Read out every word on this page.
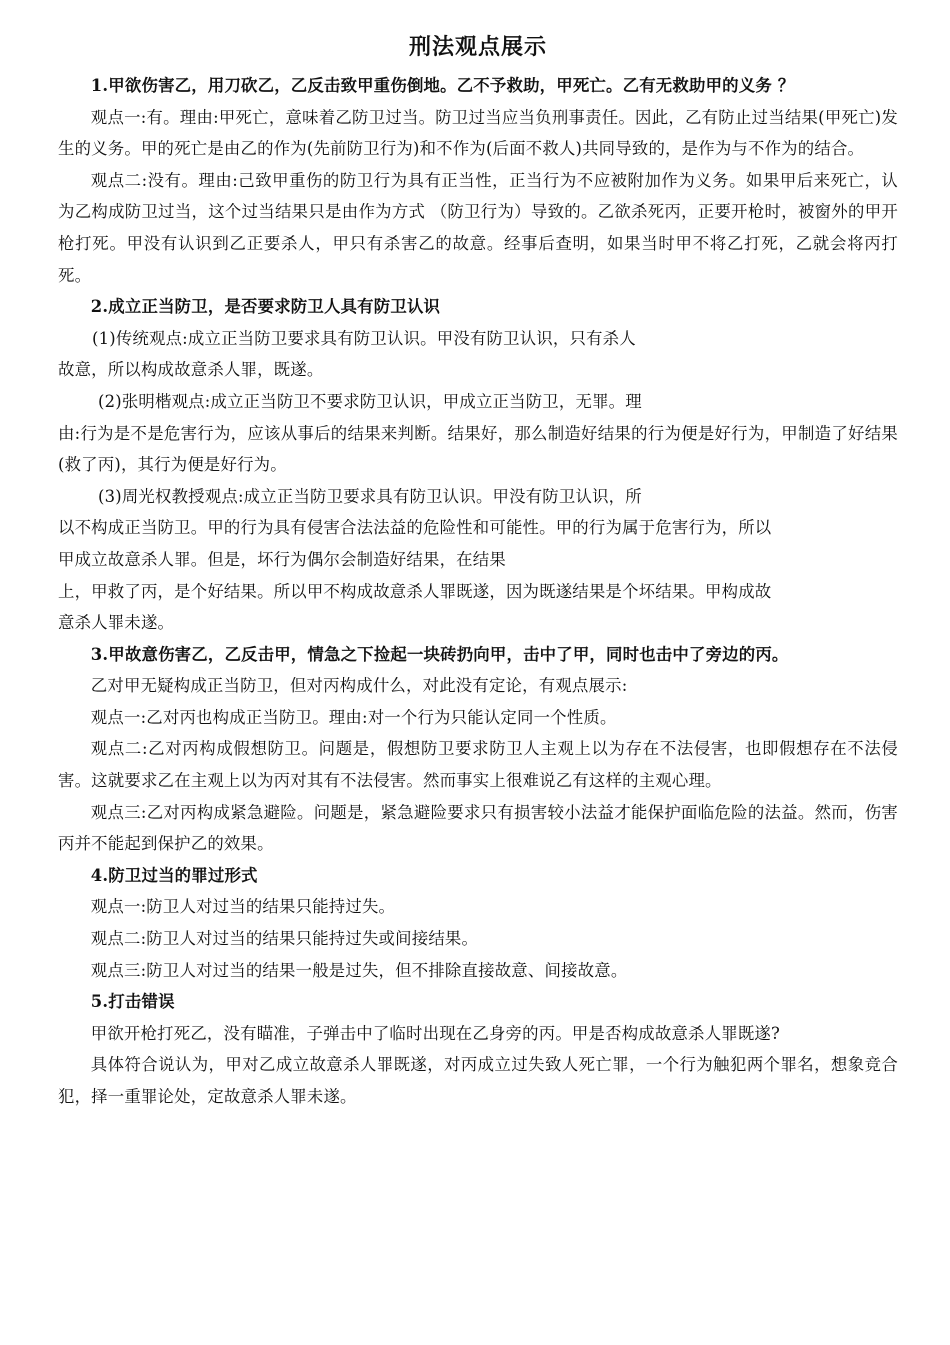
刑法观点展示

1.甲欲伤害乙，用刀砍乙，乙反击致甲重伤倒地。乙不予救助，甲死亡。乙有无救助甲的义务 ？

观点一:有。理由:甲死亡，意味着乙防卫过当。防卫过当应当负刑事责任。因此，乙有防止过当结果(甲死亡)发生的义务。甲的死亡是由乙的作为(先前防卫行为)和不作为(后面不救人)共同导致的，是作为与不作为的结合。

观点二:没有。理由:己致甲重伤的防卫行为具有正当性，正当行为不应被附加作为义务。如果甲后来死亡，认为乙构成防卫过当，这个过当结果只是由作为方式 （防卫行为）导致的。乙欲杀死丙，正要开枪时，被窗外的甲开枪打死。甲没有认识到乙正要杀人，甲只有杀害乙的故意。经事后查明，如果当时甲不将乙打死，乙就会将丙打死。

2.成立正当防卫，是否要求防卫人具有防卫认识

(1)传统观点:成立正当防卫要求具有防卫认识。甲没有防卫认识，只有杀人
故意，所以构成故意杀人罪，既遂。
(2)张明楷观点:成立正当防卫不要求防卫认识，甲成立正当防卫，无罪。理

由:行为是不是危害行为，应该从事后的结果来判断。结果好，那么制造好结果的行为便是好行为，甲制造了好结果(救了丙)，其行为便是好行为。

(3)周光权教授观点:成立正当防卫要求具有防卫认识。甲没有防卫认识，所
以不构成正当防卫。甲的行为具有侵害合法法益的危险性和可能性。甲的行为属于危害行为，所以
甲成立故意杀人罪。但是，坏行为偶尔会制造好结果，在结果
上，甲救了丙，是个好结果。所以甲不构成故意杀人罪既遂，因为既遂结果是个坏结果。甲构成故
意杀人罪未遂。

3.甲故意伤害乙，乙反击甲，情急之下捡起一块砖扔向甲，击中了甲，同时也击中了旁边的丙。

乙对甲无疑构成正当防卫，但对丙构成什么，对此没有定论，有观点展示:

观点一:乙对丙也构成正当防卫。理由:对一个行为只能认定同一个性质。

观点二:乙对丙构成假想防卫。问题是，假想防卫要求防卫人主观上以为存在不法侵害，也即假想存在不法侵害。这就要求乙在主观上以为丙对其有不法侵害。然而事实上很难说乙有这样的主观心理。

观点三:乙对丙构成紧急避险。问题是，紧急避险要求只有损害较小法益才能保护面临危险的法益。然而，伤害丙并不能起到保护乙的效果。

4.防卫过当的罪过形式

观点一:防卫人对过当的结果只能持过失。

观点二:防卫人对过当的结果只能持过失或间接结果。

观点三:防卫人对过当的结果一般是过失，但不排除直接故意、间接故意。

5.打击错误

甲欲开枪打死乙，没有瞄准，子弹击中了临时出现在乙身旁的丙。甲是否构成故意杀人罪既遂?

具体符合说认为，甲对乙成立故意杀人罪既遂，对丙成立过失致人死亡罪，一个行为触犯两个罪名，想象竞合犯，择一重罪论处，定故意杀人罪未遂。
